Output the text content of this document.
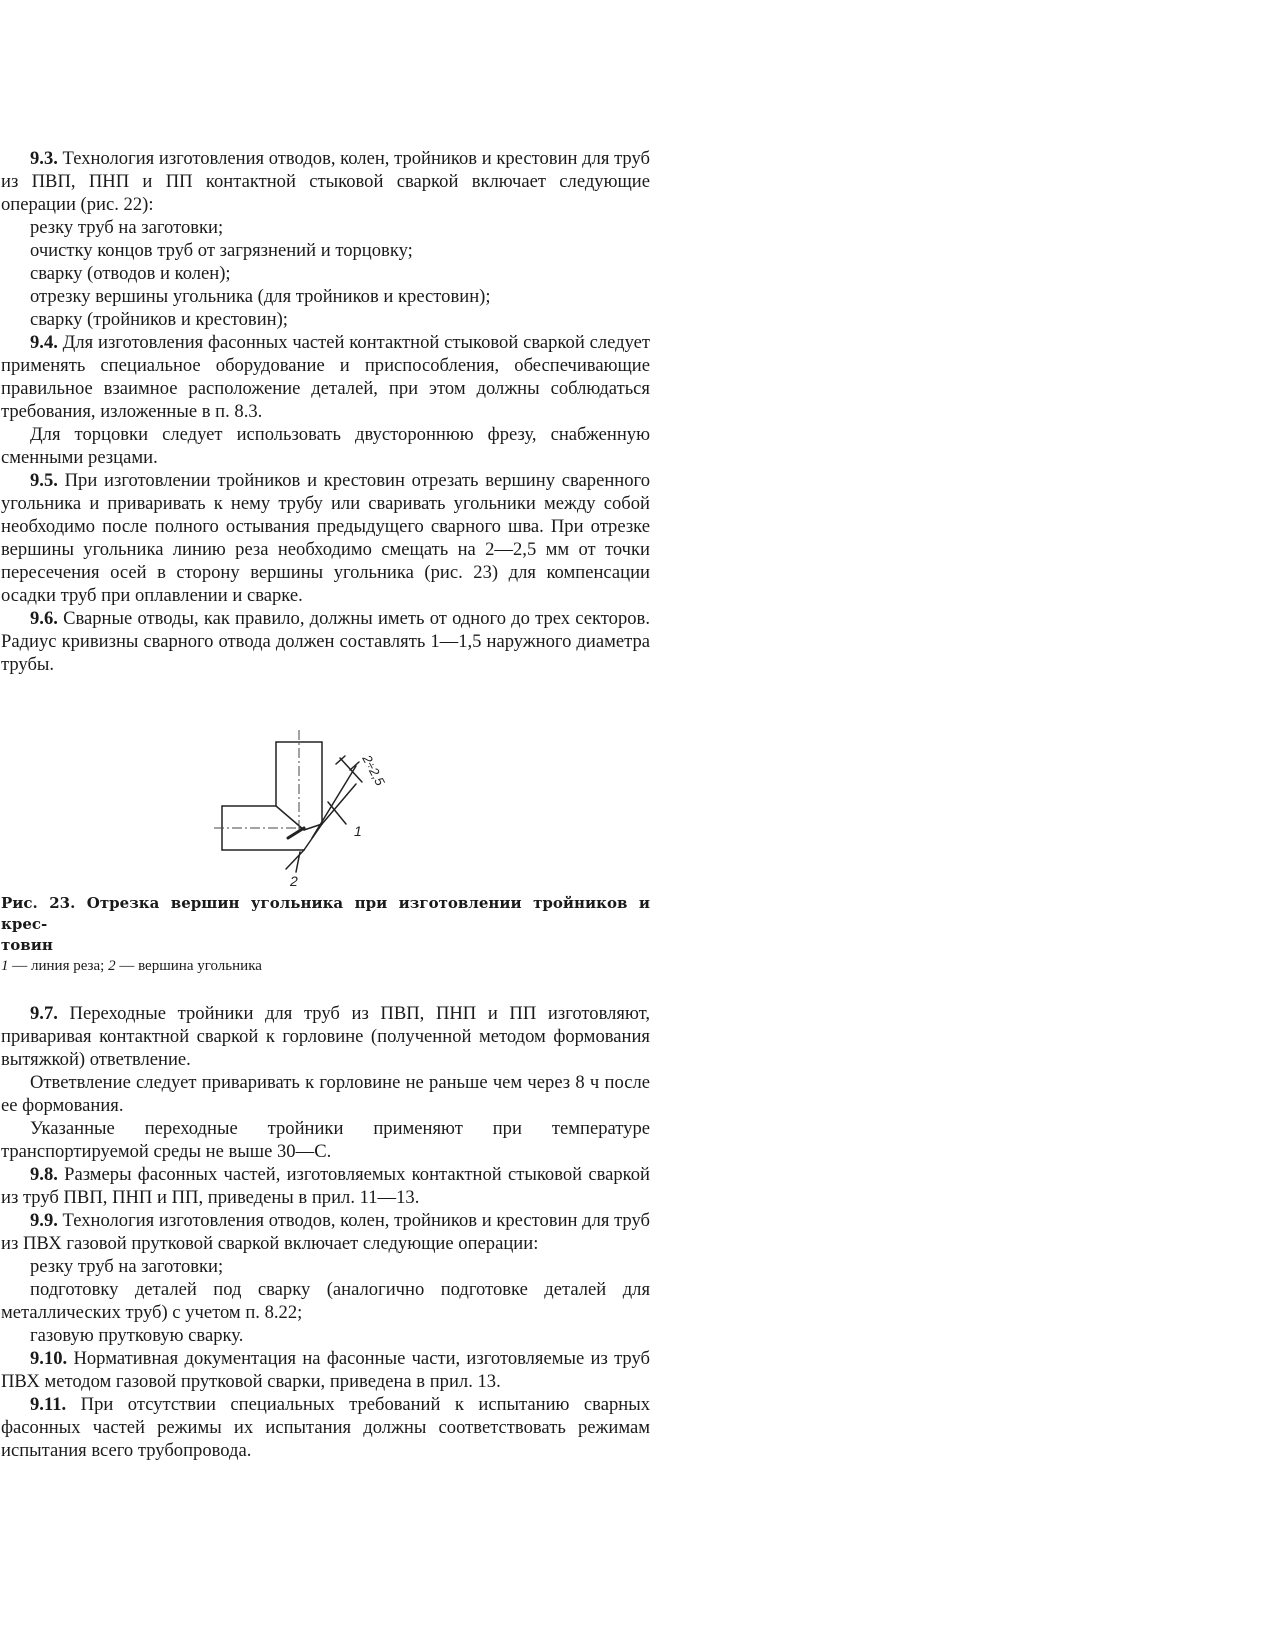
9.3. Технология изготовления отводов, колен, тройников и крестовин для труб из ПВП, ПНП и ПП контактной стыковой сваркой включает следующие операции (рис. 22):

резку труб на заготовки;

очистку концов труб от загрязнений и торцовку;

сварку (отводов и колен);

отрезку вершины угольника (для тройников и крестовин);

сварку (тройников и крестовин);

9.4. Для изготовления фасонных частей контактной стыковой сваркой следует применять специальное оборудование и приспособления, обеспечивающие правильное взаимное расположение деталей, при этом должны соблюдаться требования, изложенные в п. 8.3.

Для торцовки следует использовать двустороннюю фрезу, снабженную сменными резцами.

9.5. При изготовлении тройников и крестовин отрезать вершину сваренного угольника и приваривать к нему трубу или сваривать угольники между собой необходимо после полного остывания предыдущего сварного шва. При отрезке вершины угольника линию реза необходимо смещать на 2—2,5 мм от точки пересечения осей в сторону вершины угольника (рис. 23) для компенсации осадки труб при оплавлении и сварке.

9.6. Сварные отводы, как правило, должны иметь от одного до трех секторов. Радиус кривизны сварного отвода должен составлять 1—1,5 наружного диаметра трубы.

2÷2,5
1
2

Рис. 23. Отрезка вершин угольника при изготовлении тройников и крес-
товин

1 — линия реза; 2 — вершина угольника

9.7. Переходные тройники для труб из ПВП, ПНП и ПП изготовляют, приваривая контактной сваркой к горловине (полученной методом формования вытяжкой) ответвление.

Ответвление следует приваривать к горловине не раньше чем через 8 ч после ее формования.

Указанные переходные тройники применяют при температуре транспортируемой среды не выше 30—С.

9.8. Размеры фасонных частей, изготовляемых контактной стыковой сваркой из труб ПВП, ПНП и ПП, приведены в прил. 11—13.

9.9. Технология изготовления отводов, колен, тройников и крестовин для труб из ПВХ газовой прутковой сваркой включает следующие операции:

резку труб на заготовки;

подготовку деталей под сварку (аналогично подготовке деталей для металлических труб) с учетом п. 8.22;

газовую прутковую сварку.

9.10. Нормативная документация на фасонные части, изготовляемые из труб ПВХ методом газовой прутковой сварки, приведена в прил. 13.

9.11. При отсутствии специальных требований к испытанию сварных фасонных частей режимы их испытания должны соответствовать режимам испытания всего трубопровода.
